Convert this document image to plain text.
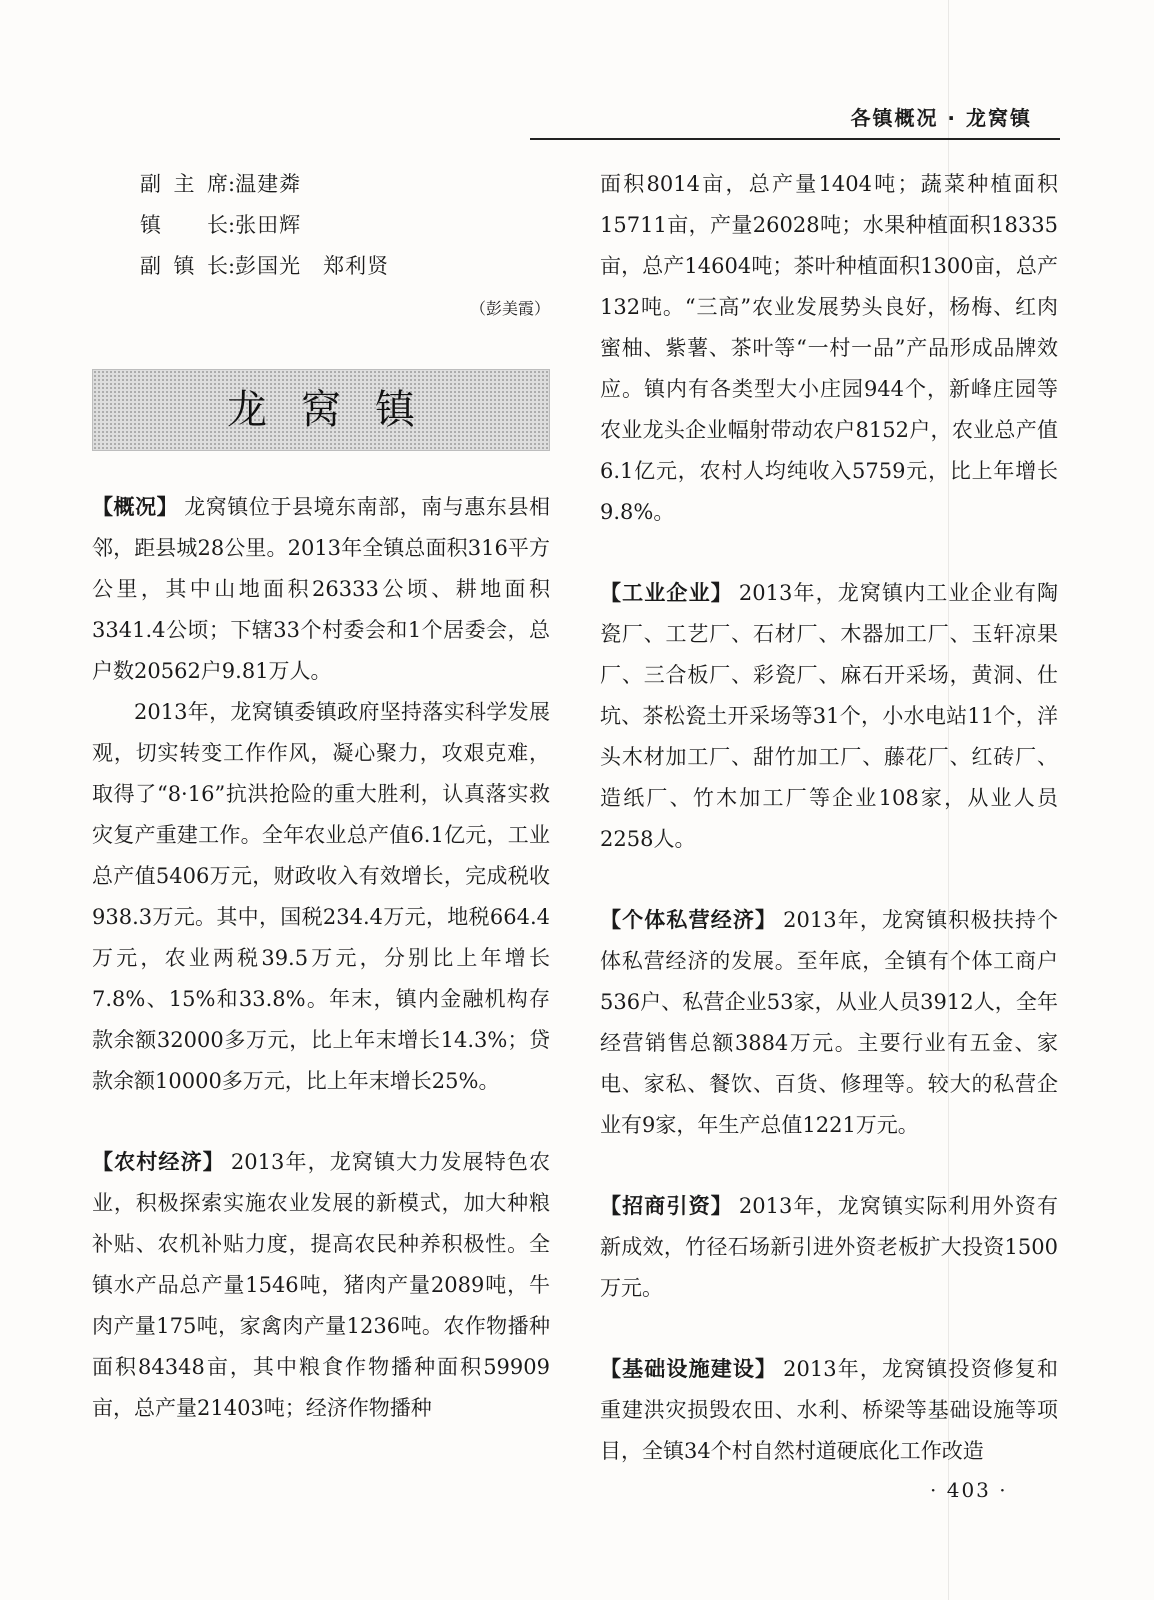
各镇概况 · 龙窝镇
副主席:温建粦
镇长:张田辉
副镇长:彭国光　郑利贤
（彭美霞）
龙窝镇

【概况】 龙窝镇位于县境东南部，南与惠东县相邻，距县城28公里。2013年全镇总面积316平方公里，其中山地面积26333公顷、耕地面积3341.4公顷；下辖33个村委会和1个居委会，总户数20562户9.81万人。

2013年，龙窝镇委镇政府坚持落实科学发展观，切实转变工作作风，凝心聚力，攻艰克难，取得了“8·16”抗洪抢险的重大胜利，认真落实救灾复产重建工作。全年农业总产值6.1亿元，工业总产值5406万元，财政收入有效增长，完成税收938.3万元。其中，国税234.4万元，地税664.4万元，农业两税39.5万元，分别比上年增长7.8%、15%和33.8%。年末，镇内金融机构存款余额32000多万元，比上年末增长14.3%；贷款余额10000多万元，比上年末增长25%。

【农村经济】 2013年，龙窝镇大力发展特色农业，积极探索实施农业发展的新模式，加大种粮补贴、农机补贴力度，提高农民种养积极性。全镇水产品总产量1546吨，猪肉产量2089吨，牛肉产量175吨，家禽肉产量1236吨。农作物播种面积84348亩，其中粮食作物播种面积59909亩，总产量21403吨；经济作物播种

面积8014亩，总产量1404吨；蔬菜种植面积15711亩，产量26028吨；水果种植面积18335亩，总产14604吨；茶叶种植面积1300亩，总产132吨。“三高”农业发展势头良好，杨梅、红肉蜜柚、紫薯、茶叶等“一村一品”产品形成品牌效应。镇内有各类型大小庄园944个，新峰庄园等农业龙头企业幅射带动农户8152户，农业总产值6.1亿元，农村人均纯收入5759元，比上年增长9.8%。

【工业企业】 2013年，龙窝镇内工业企业有陶瓷厂、工艺厂、石材厂、木器加工厂、玉轩凉果厂、三合板厂、彩瓷厂、麻石开采场，黄洞、仕坑、茶松瓷土开采场等31个，小水电站11个，洋头木材加工厂、甜竹加工厂、藤花厂、红砖厂、造纸厂、竹木加工厂等企业108家，从业人员2258人。

【个体私营经济】 2013年，龙窝镇积极扶持个体私营经济的发展。至年底，全镇有个体工商户536户、私营企业53家，从业人员3912人，全年经营销售总额3884万元。主要行业有五金、家电、家私、餐饮、百货、修理等。较大的私营企业有9家，年生产总值1221万元。

【招商引资】 2013年，龙窝镇实际利用外资有新成效，竹径石场新引进外资老板扩大投资1500万元。

【基础设施建设】 2013年，龙窝镇投资修复和重建洪灾损毁农田、水利、桥梁等基础设施等项目，全镇34个村自然村道硬底化工作改造

· 403 ·
